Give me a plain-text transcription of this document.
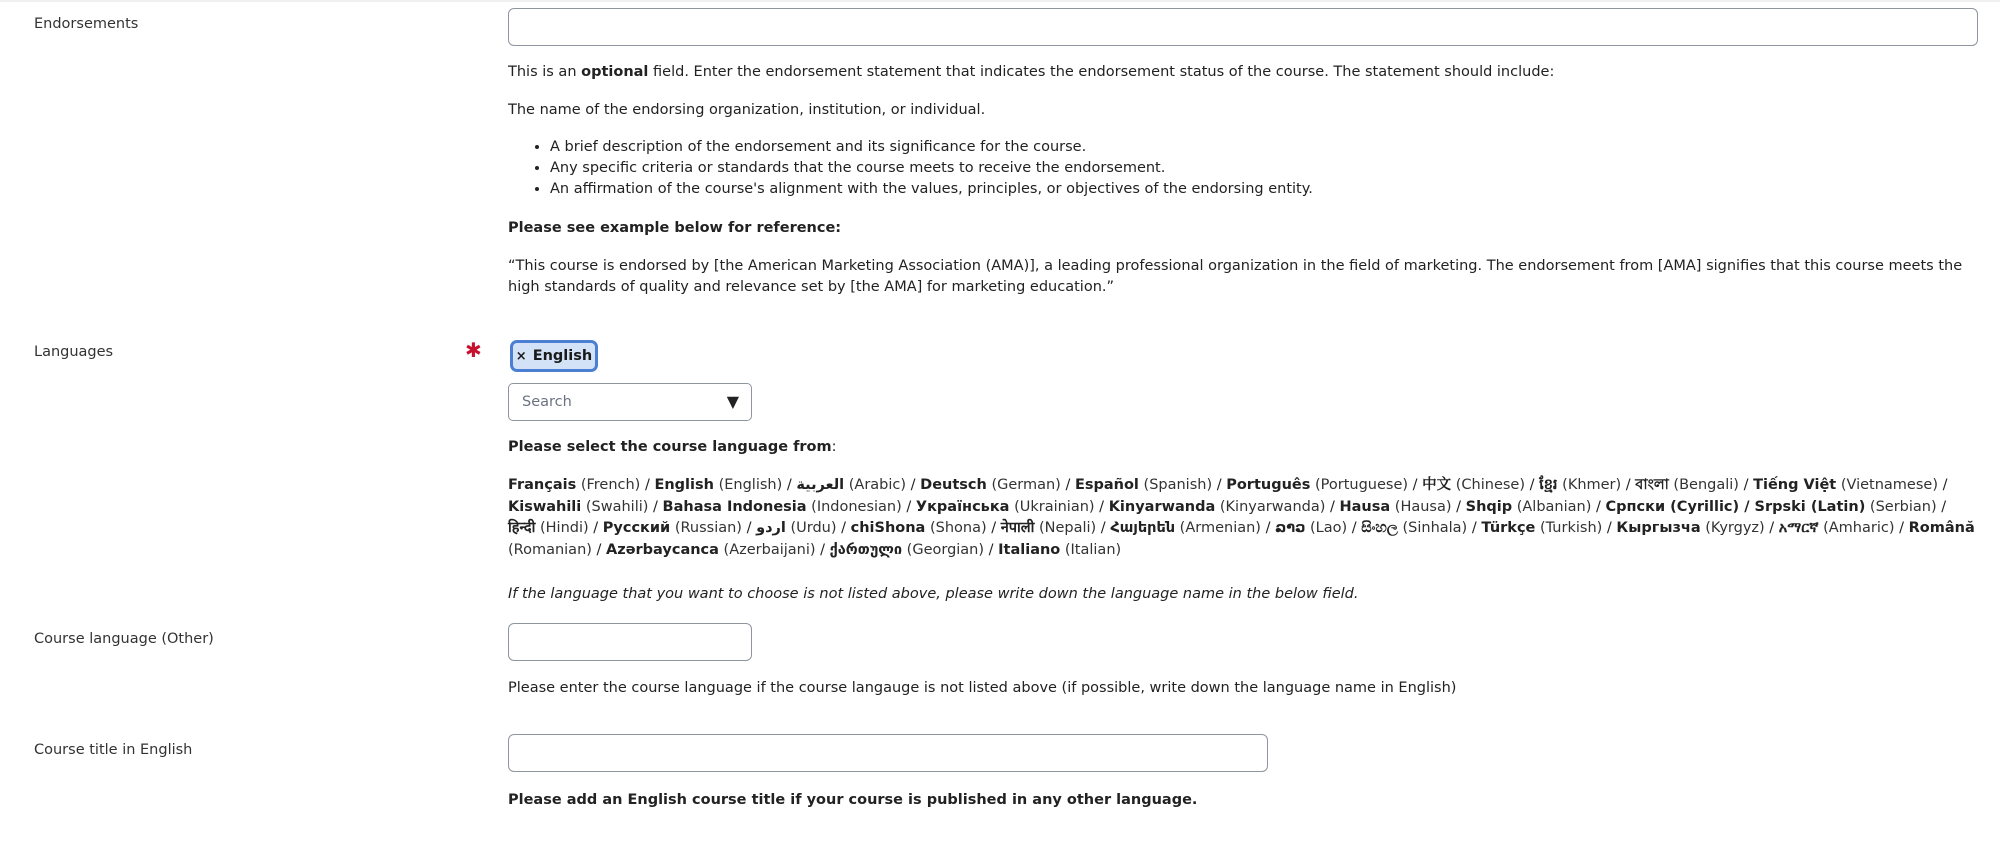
Endorsements
This is an optional field. Enter the endorsement statement that indicates the endorsement status of the course. The statement should include:
The name of the endorsing organization, institution, or individual.
• A brief description of the endorsement and its significance for the course.
• Any specific criteria or standards that the course meets to receive the endorsement.
• An affirmation of the course's alignment with the values, principles, or objectives of the endorsing entity.
Please see example below for reference:
“This course is endorsed by [the American Marketing Association (AMA)], a leading professional organization in the field of marketing. The endorsement from [AMA] signifies that this course meets the high standards of quality and relevance set by [the AMA] for marketing education.”
Languages	✱	× English
Search	▼
Please select the course language from:
Français (French) / English (English) / العربية (Arabic) / Deutsch (German) / Español (Spanish) / Português (Portuguese) / 中文 (Chinese) / ខ្មែរ (Khmer) / বাংলা (Bengali) / Tiếng Việt (Vietnamese) / Kiswahili (Swahili) / Bahasa Indonesia (Indonesian) / Українська (Ukrainian) / Kinyarwanda (Kinyarwanda) / Hausa (Hausa) / Shqip (Albanian) / Српски (Cyrillic) / Srpski (Latin) (Serbian) / हिन्दी (Hindi) / Русский (Russian) / اردو (Urdu) / chiShona (Shona) / नेपाली (Nepali) / Հայերեն (Armenian) / ລາວ (Lao) / සිංහල (Sinhala) / Türkçe (Turkish) / Кыргызча (Kyrgyz) / አማርኛ (Amharic) / Română (Romanian) / Azərbaycanca (Azerbaijani) / ქართული (Georgian) / Italiano (Italian)
If the language that you want to choose is not listed above, please write down the language name in the below field.
Course language (Other)
Please enter the course language if the course langauge is not listed above (if possible, write down the language name in English)
Course title in English
Please add an English course title if your course is published in any other language.
